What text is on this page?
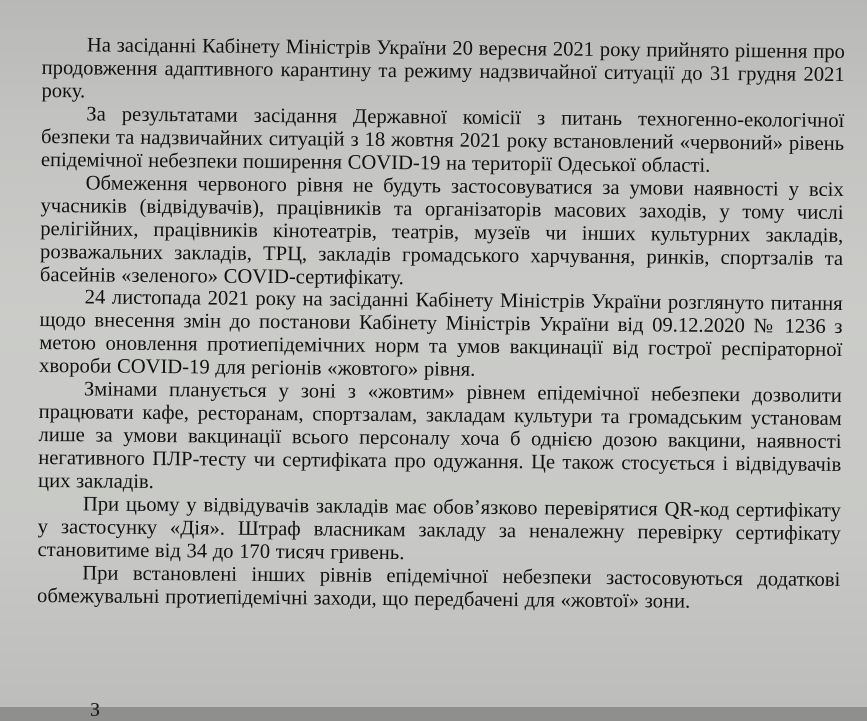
На засіданні Кабінету Міністрів України 20 вересня 2021 року прийнято рішення про продовження адаптивного карантину та режиму надзвичайної ситуації до 31 грудня 2021 року.

За результатами засідання Державної комісії з питань техногенно-екологічної безпеки та надзвичайних ситуацій з 18 жовтня 2021 року встановлений «червоний» рівень епідемічної небезпеки поширення COVID-19 на території Одеської області.

Обмеження червоного рівня не будуть застосовуватися за умови наявності у всіх учасників (відвідувачів), працівників та організаторів масових заходів, у тому числі релігійних, працівників кінотеатрів, театрів, музеїв чи інших культурних закладів, розважальних закладів, ТРЦ, закладів громадського харчування, ринків, спортзалів та басейнів «зеленого» COVID-сертифікату.

24 листопада 2021 року на засіданні Кабінету Міністрів України розглянуто питання щодо внесення змін до постанови Кабінету Міністрів України від 09.12.2020 № 1236 з метою оновлення протиепідемічних норм та умов вакцинації від гострої респіраторної хвороби COVID-19 для регіонів «жовтого» рівня.

Змінами планується у зоні з «жовтим» рівнем епідемічної небезпеки дозволити працювати кафе, ресторанам, спортзалам, закладам культури та громадським установам лише за умови вакцинації всього персоналу хоча б однією дозою вакцини, наявності негативного ПЛР-тесту чи сертифіката про одужання. Це також стосується і відвідувачів цих закладів.

При цьому у відвідувачів закладів має обов’язково перевірятися QR-код сертифікату у застосунку «Дія». Штраф власникам закладу за неналежну перевірку сертифікату становитиме від 34 до 170 тисяч гривень.

При встановлені інших рівнів епідемічної небезпеки застосовуються додаткові обмежувальні протиепідемічні заходи, що передбачені для «жовтої» зони.

З
